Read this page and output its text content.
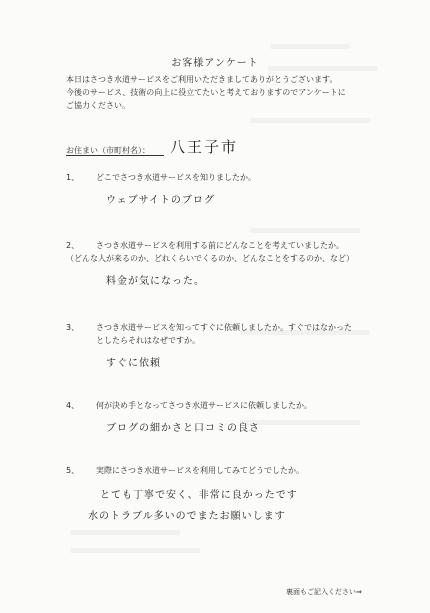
お客様アンケート
本日はさつき水道サービスをご利用いただきましてありがとうございます。
今後のサービス、技術の向上に役立てたいと考えておりますのでアンケートに
ご協力ください。
お住まい（市町村名）： 八王子市
1、 どこでさつき水道サービスを知りましたか。
ウェブサイトのブログ
2、 さつき水道サービスを利用する前にどんなことを考えていましたか。
（どんな人が来るのか、どれくらいでくるのか、どんなことをするのか、など）
料金が気になった。
3、 さつき水道サービスを知ってすぐに依頼しましたか。すぐではなかった
としたらそれはなぜですか。
すぐに依頼
4、 何が決め手となってさつき水道サービスに依頼しましたか。
ブログの細かさと口コミの良さ
5、 実際にさつき水道サービスを利用してみてどうでしたか。
とても丁寧で安く、非常に良かったです
水のトラブル多いのでまたお願いします
裏面もご記入ください⇒
